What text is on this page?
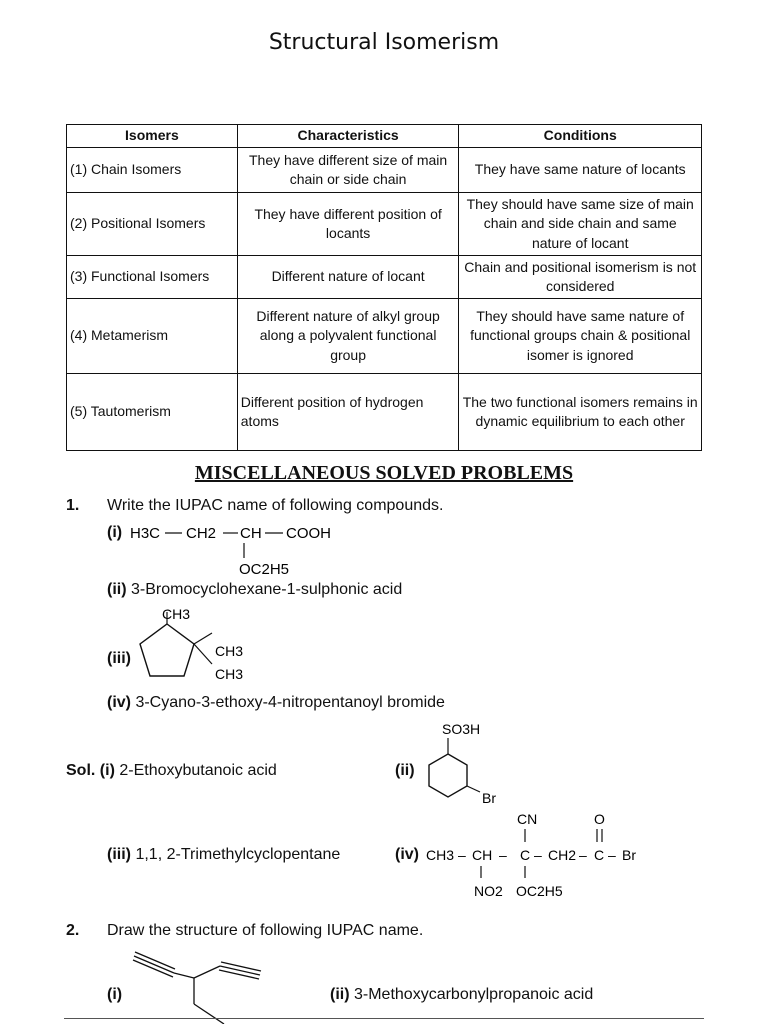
Structural Isomerism
Isomers	Characteristics	Conditions
(1) Chain Isomers	They have different size of main chain or side chain	They have same nature of locants
(2) Positional Isomers	They have different position of locants	They should have same size of main chain and side chain and same nature of locant
(3) Functional Isomers	Different nature of locant	Chain and positional isomerism is not considered
(4) Metamerism	Different nature of alkyl group along a polyvalent functional group	They should have same nature of functional groups chain & positional isomer is ignored
(5) Tautomerism	Different position of hydrogen atoms	The two functional isomers remains in dynamic equilibrium to each other
MISCELLANEOUS SOLVED PROBLEMS
1. Write the IUPAC name of following compounds.
(i) H3C CH2 CH COOH
OC2H5
(ii) 3-Bromocyclohexane-1-sulphonic acid
(iii)
CH3
CH3
CH3
(iv) 3-Cyano-3-ethoxy-4-nitropentanoyl bromide
Sol. (i) 2-Ethoxybutanoic acid	(ii)
SO3H
Br
(iii) 1,1, 2-Trimethylcyclopentane	(iv)
CN	O
CH3 – CH – C – CH2 – C – Br
NO2 OC2H5
2. Draw the structure of following IUPAC name.
(i)	(ii) 3-Methoxycarbonylpropanoic acid
